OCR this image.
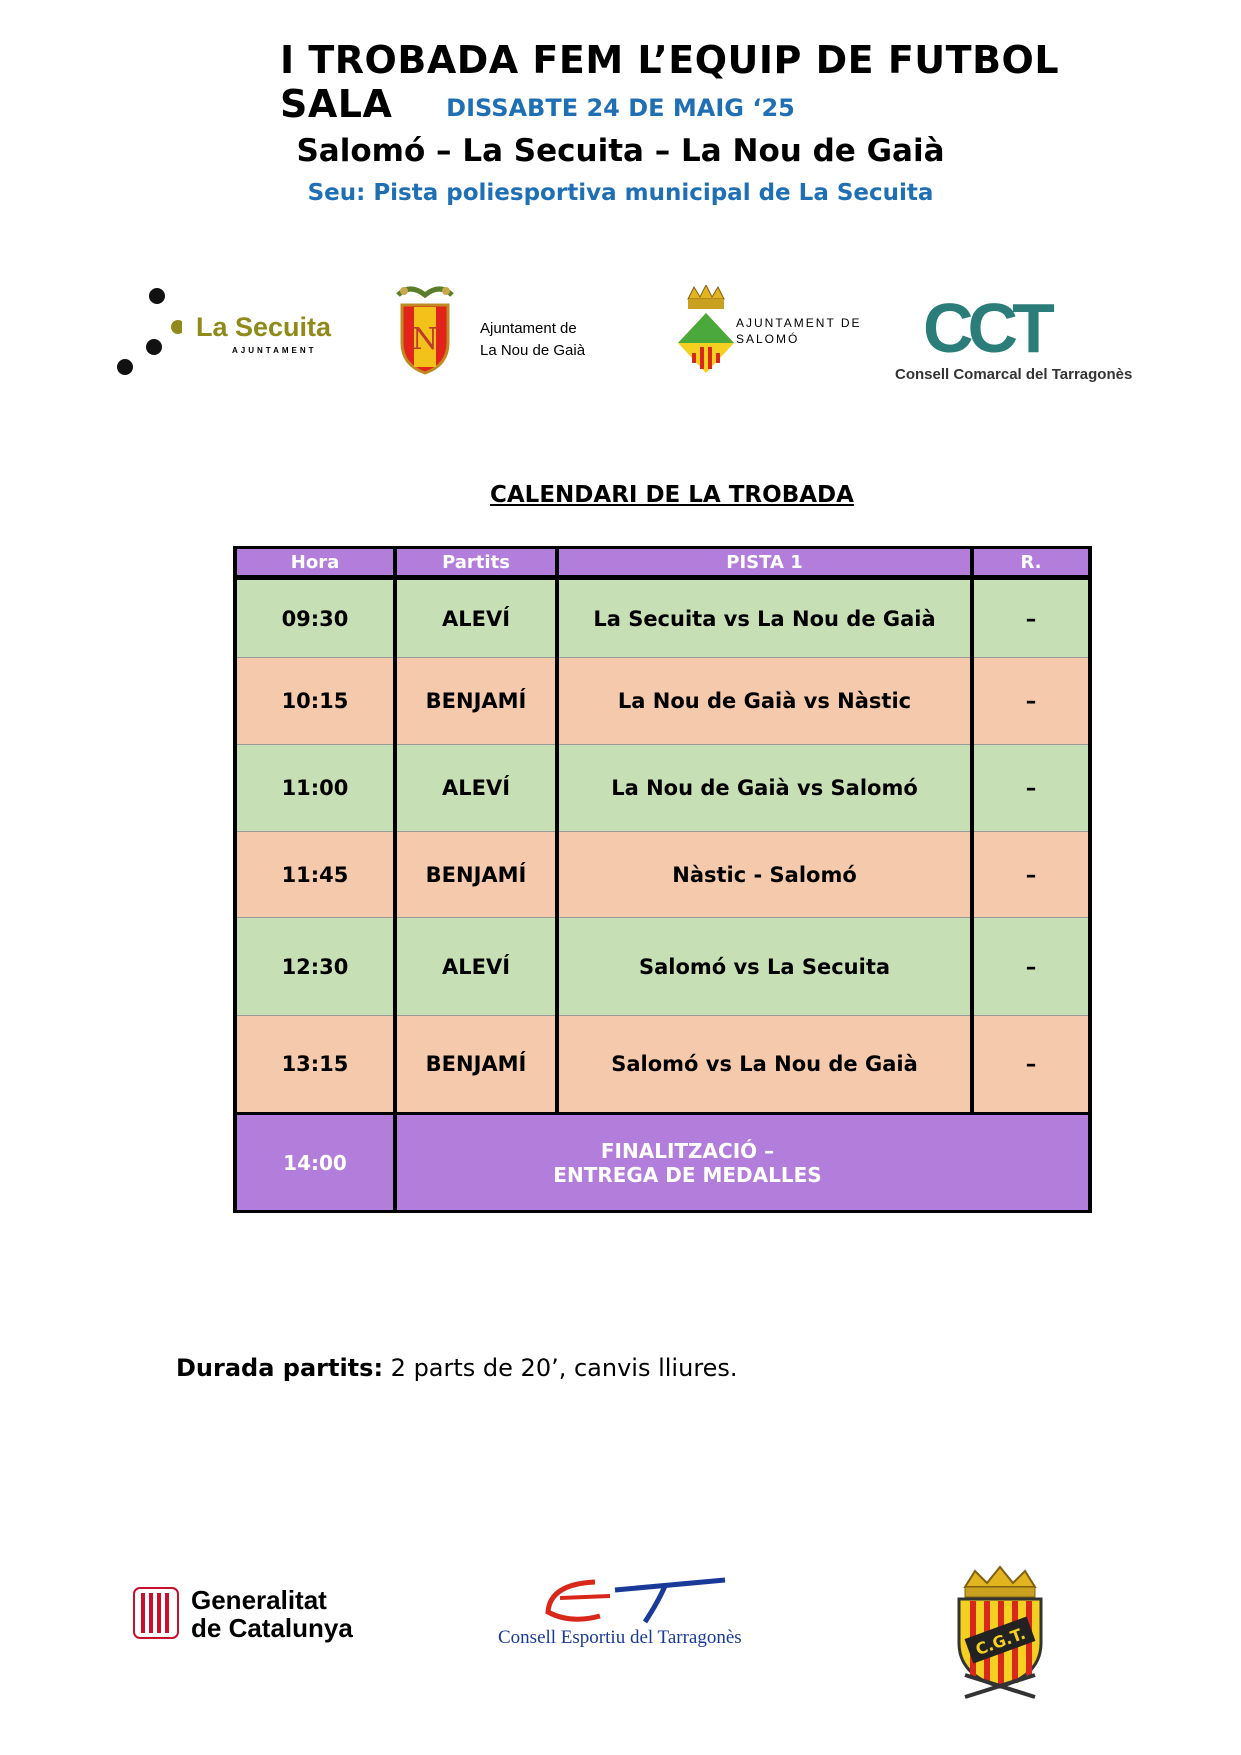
I TROBADA FEM L’EQUIP DE FUTBOL SALA	DISSABTE 24 DE MAIG ‘25
Salomó – La Secuita – La Nou de Gaià
Seu: Pista poliesportiva municipal de La Secuita
La Secuita
AJUNTAMENT	N	Ajuntament de
La Nou de Gaià
AJUNTAMENT DE
SALOMÓ CCT
Consell Comarcal del Tarragonès
CALENDARI DE LA TROBADA
Hora	Partits	PISTA 1	R.
09:30	ALEVÍ	La Secuita vs La Nou de Gaià	–
10:15	BENJAMÍ	La Nou de Gaià vs Nàstic	–
11:00	ALEVÍ	La Nou de Gaià vs Salomó	–
11:45	BENJAMÍ	Nàstic - Salomó	–
12:30	ALEVÍ	Salomó vs La Secuita	–
13:15	BENJAMÍ	Salomó vs La Nou de Gaià	–
14:00	FINALITZACIÓ –
ENTREGA DE MEDALLES		
Durada partits: 2 parts de 20’, canvis lliures.
Generalitat
de Catalunya
CET
Consell Esportiu del Tarragonès	C.G.T.
